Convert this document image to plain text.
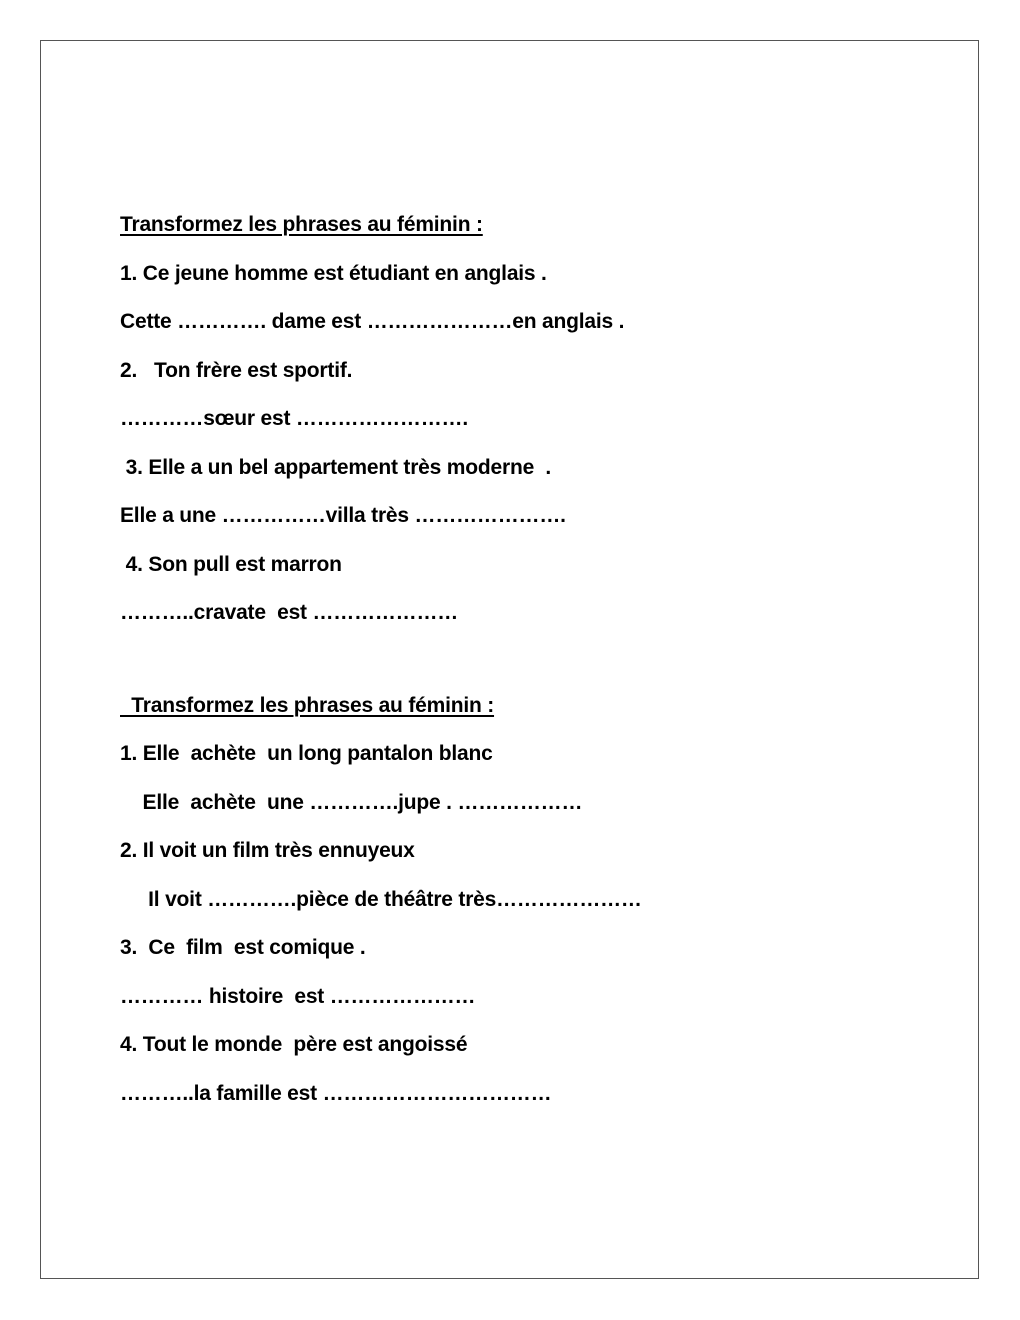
Transformez les phrases au féminin :
1. Ce jeune homme est étudiant en anglais .
Cette …………. dame est …………………en anglais .
2.   Ton frère est sportif.
…………sœur est …………………….
3. Elle a un bel appartement très moderne  .
Elle a une ……………villa très ………………….
4. Son pull est marron
………..cravate  est …………………
Transformez les phrases au féminin :
1. Elle  achète  un long pantalon blanc
Elle  achète  une ………….jupe . ………………
2. Il voit un film très ennuyeux
Il voit ………….pièce de théâtre très…………………
3.  Ce  film  est comique .
………… histoire  est …………………
4. Tout le monde  père est angoissé
………..la famille est ……………………………
